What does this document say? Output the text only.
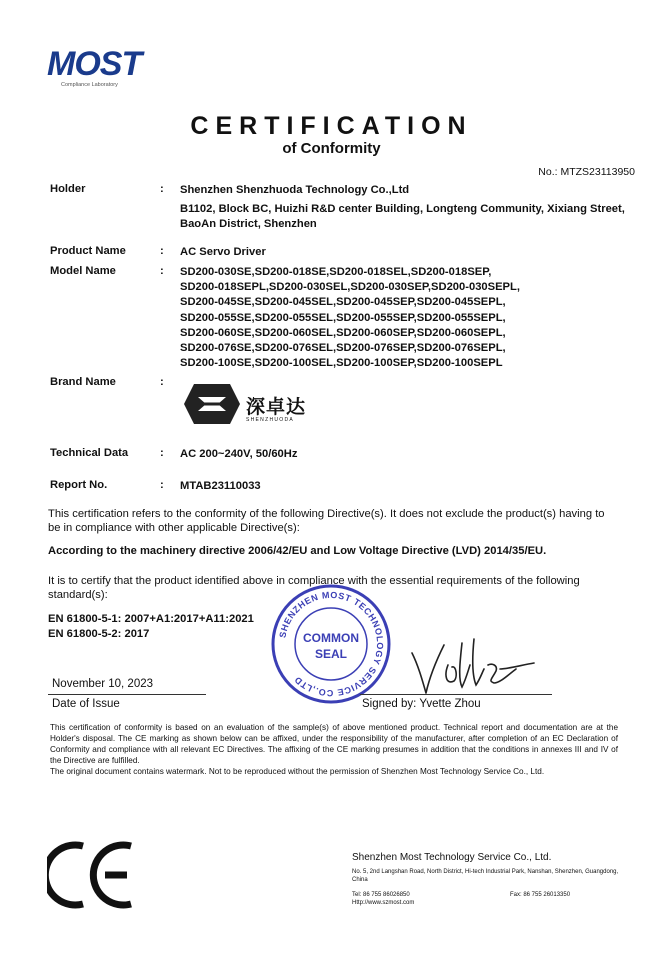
MOST
Compliance Laboratory
CERTIFICATION
of Conformity
No.: MTZS23113950
Holder	: Shenzhen Shenzhuoda Technology Co.,Ltd
B1102, Block BC, Huizhi R&D center Building, Longteng Community, Xixiang Street, BaoAn District, Shenzhen
Product Name	: AC Servo Driver
Model Name	: SD200-030SE,SD200-018SE,SD200-018SEL,SD200-018SEP,
SD200-018SEPL,SD200-030SEL,SD200-030SEP,SD200-030SEPL,
SD200-045SE,SD200-045SEL,SD200-045SEP,SD200-045SEPL,
SD200-055SE,SD200-055SEL,SD200-055SEP,SD200-055SEPL,
SD200-060SE,SD200-060SEL,SD200-060SEP,SD200-060SEPL,
SD200-076SE,SD200-076SEL,SD200-076SEP,SD200-076SEPL,
SD200-100SE,SD200-100SEL,SD200-100SEP,SD200-100SEPL
Brand Name	:
深卓达
SHENZHUODA
Technical Data	: AC 200~240V, 50/60Hz
Report No.	: MTAB23110033
This certification refers to the conformity of the following Directive(s). It does not exclude the product(s) having to be in compliance with other applicable Directive(s):
According to the machinery directive 2006/42/EU and Low Voltage Directive (LVD) 2014/35/EU.
It is to certify that the product identified above in compliance with the essential requirements of the following standard(s):
EN 61800-5-1: 2007+A1:2017+A11:2021
EN 61800-5-2: 2017	SHENZHEN MOST TECHNOLOGY SERVICE CO.,LTD
COMMON
SEAL
November 10, 2023
Date of Issue	Signed by: Yvette Zhou
This certification of conformity is based on an evaluation of the sample(s) of above mentioned product. Technical report and documentation are at the Holder's disposal. The CE marking as shown below can be affixed, under the responsibility of the manufacturer, after completion of an EC Declaration of Conformity and compliance with all relevant EC Directives. The affixing of the CE marking presumes in addition that the conditions in annexes III and IV of the Directive are fulfilled.
The original document contains watermark. Not to be reproduced without the permission of Shenzhen Most Technology Service Co., Ltd.
Shenzhen Most Technology Service Co., Ltd.
No. 5, 2nd Langshan Road, North District, Hi-tech Industrial Park, Nanshan, Shenzhen, Guangdong, China
Tel: 86 755 86026850	Fax: 86 755 26013350
Http://www.szmost.com
